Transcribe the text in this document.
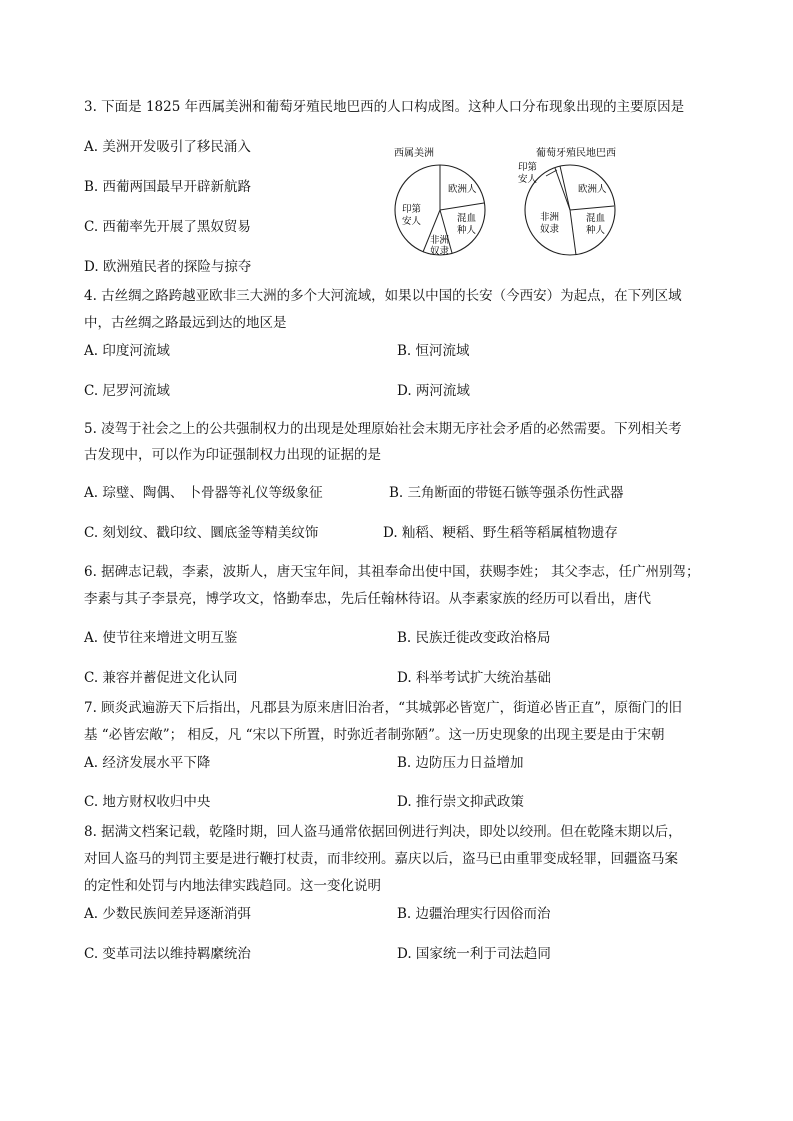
3. 下面是 1825 年西属美洲和葡萄牙殖民地巴西的人口构成图。这种人口分布现象出现的主要原因是
A. 美洲开发吸引了移民涌入
B. 西葡两国最早开辟新航路
C. 西葡率先开展了黑奴贸易
D. 欧洲殖民者的探险与掠夺
西属美洲
欧洲人
混血 种人
非洲 奴隶
印第 安人
葡萄牙殖民地巴西
印第 安人
欧洲人
混血 种人
非洲 奴隶
4. 古丝绸之路跨越亚欧非三大洲的多个大河流域，如果以中国的长安（今西安）为起点，在下列区域
中，古丝绸之路最远到达的地区是
A. 印度河流域	B. 恒河流域
C. 尼罗河流域	D. 两河流域
5. 凌驾于社会之上的公共强制权力的出现是处理原始社会末期无序社会矛盾的必然需要。下列相关考
古发现中，可以作为印证强制权力出现的证据的是
A. 琮璧、陶偶、 卜骨器等礼仪等级象征	B. 三角断面的带铤石镞等强杀伤性武器
C. 刻划纹、戳印纹、圜底釜等精美纹饰	D. 籼稻、粳稻、野生稻等稻属植物遗存
6. 据碑志记载，李素，波斯人，唐天宝年间，其祖奉命出使中国，获赐李姓； 其父李志，任广州别驾；
李素与其子李景亮，博学攻文，恪勤奉忠，先后任翰林待诏。从李素家族的经历可以看出，唐代
A. 使节往来增进文明互鉴	B. 民族迁徙改变政治格局
C. 兼容并蓄促进文化认同	D. 科举考试扩大统治基础
7. 顾炎武遍游天下后指出，凡郡县为原来唐旧治者，“其城郭必皆宽广，街道必皆正直”，原衙门的旧
基 “必皆宏敞”； 相反，凡 “宋以下所置，时弥近者制弥陋”。这一历史现象的出现主要是由于宋朝
A. 经济发展水平下降	B. 边防压力日益增加
C. 地方财权收归中央	D. 推行崇文抑武政策
8. 据满文档案记载，乾隆时期，回人盗马通常依据回例进行判决，即处以绞刑。但在乾隆末期以后，
对回人盗马的判罚主要是进行鞭打杖责，而非绞刑。嘉庆以后，盗马已由重罪变成轻罪，回疆盗马案
的定性和处罚与内地法律实践趋同。这一变化说明
A. 少数民族间差异逐渐消弭	B. 边疆治理实行因俗而治
C. 变革司法以维持羁縻统治	D. 国家统一利于司法趋同
